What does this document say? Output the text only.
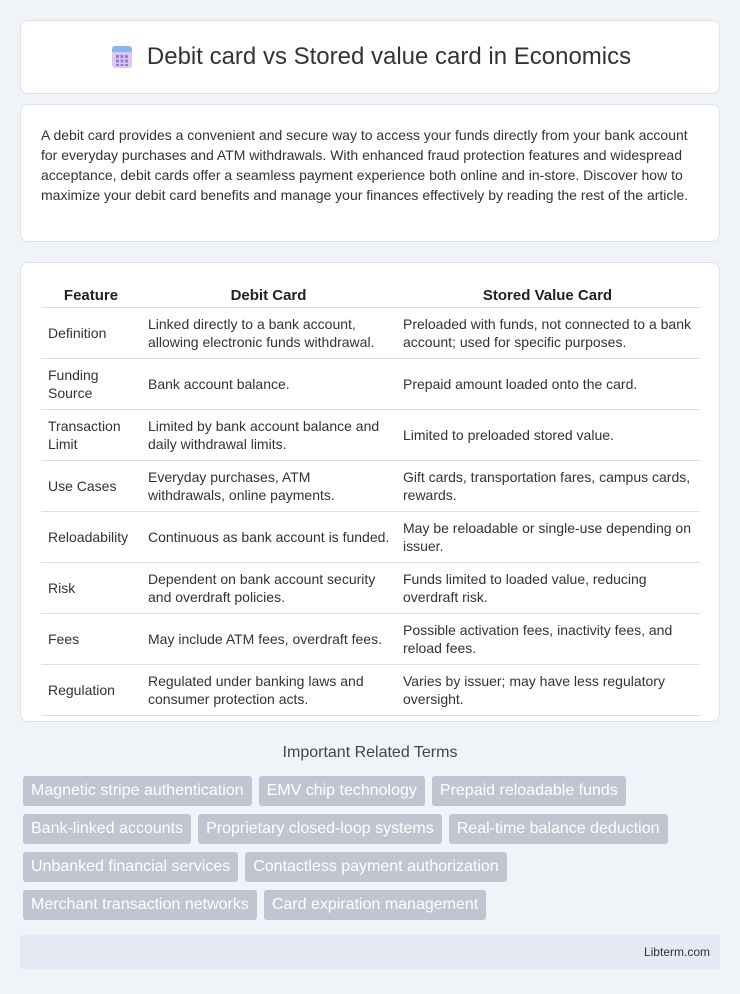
Debit card vs Stored value card in Economics

A debit card provides a convenient and secure way to access your funds directly from your bank account for everyday purchases and ATM withdrawals. With enhanced fraud protection features and widespread acceptance, debit cards offer a seamless payment experience both online and in-store. Discover how to maximize your debit card benefits and manage your finances effectively by reading the rest of the article.

Feature	Debit Card	Stored Value Card
Definition	Linked directly to a bank account, allowing electronic funds withdrawal.	Preloaded with funds, not connected to a bank account; used for specific purposes.
Funding Source	Bank account balance.	Prepaid amount loaded onto the card.
Transaction Limit	Limited by bank account balance and daily withdrawal limits.	Limited to preloaded stored value.
Use Cases	Everyday purchases, ATM withdrawals, online payments.	Gift cards, transportation fares, campus cards, rewards.
Reloadability	Continuous as bank account is funded.	May be reloadable or single-use depending on issuer.
Risk	Dependent on bank account security and overdraft policies.	Funds limited to loaded value, reducing overdraft risk.
Fees	May include ATM fees, overdraft fees.	Possible activation fees, inactivity fees, and reload fees.
Regulation	Regulated under banking laws and consumer protection acts.	Varies by issuer; may have less regulatory oversight.
Important Related Terms
Magnetic stripe authentication	EMV chip technology	Prepaid reloadable funds
Bank-linked accounts	Proprietary closed-loop systems	Real-time balance deduction
Unbanked financial services	Contactless payment authorization
Merchant transaction networks	Card expiration management
Libterm.com
